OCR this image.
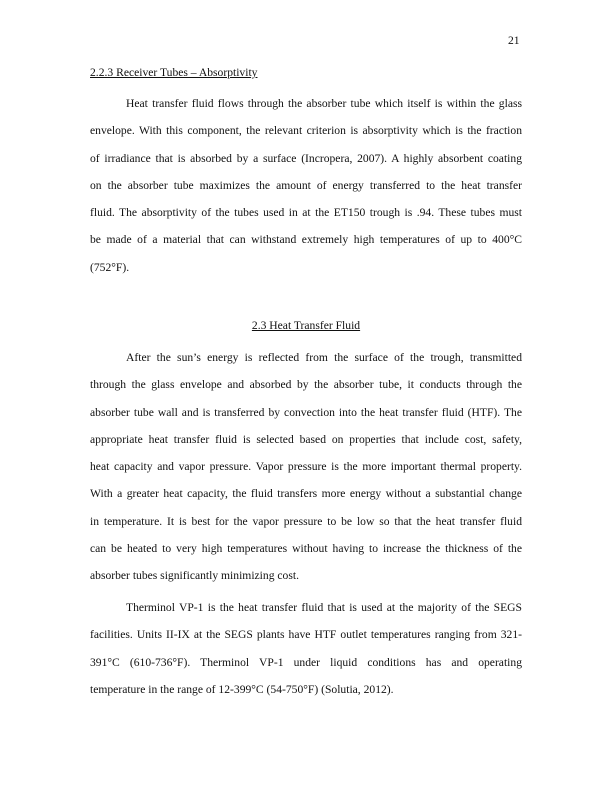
21
2.2.3 Receiver Tubes – Absorptivity
Heat transfer fluid flows through the absorber tube which itself is within the glass
envelope. With this component, the relevant criterion is absorptivity which is the fraction
of irradiance that is absorbed by a surface (Incropera, 2007). A highly absorbent coating
on the absorber tube maximizes the amount of energy transferred to the heat transfer
fluid. The absorptivity of the tubes used in at the ET150 trough is .94. These tubes must
be made of a material that can withstand extremely high temperatures of up to 400°C
(752°F).
2.3 Heat Transfer Fluid
After the sun’s energy is reflected from the surface of the trough, transmitted
through the glass envelope and absorbed by the absorber tube, it conducts through the
absorber tube wall and is transferred by convection into the heat transfer fluid (HTF). The
appropriate heat transfer fluid is selected based on properties that include cost, safety,
heat capacity and vapor pressure. Vapor pressure is the more important thermal property.
With a greater heat capacity, the fluid transfers more energy without a substantial change
in temperature. It is best for the vapor pressure to be low so that the heat transfer fluid
can be heated to very high temperatures without having to increase the thickness of the
absorber tubes significantly minimizing cost.
Therminol VP-1 is the heat transfer fluid that is used at the majority of the SEGS
facilities. Units II-IX at the SEGS plants have HTF outlet temperatures ranging from 321-
391°C (610-736°F). Therminol VP-1 under liquid conditions has and operating
temperature in the range of 12-399°C (54-750°F) (Solutia, 2012).
